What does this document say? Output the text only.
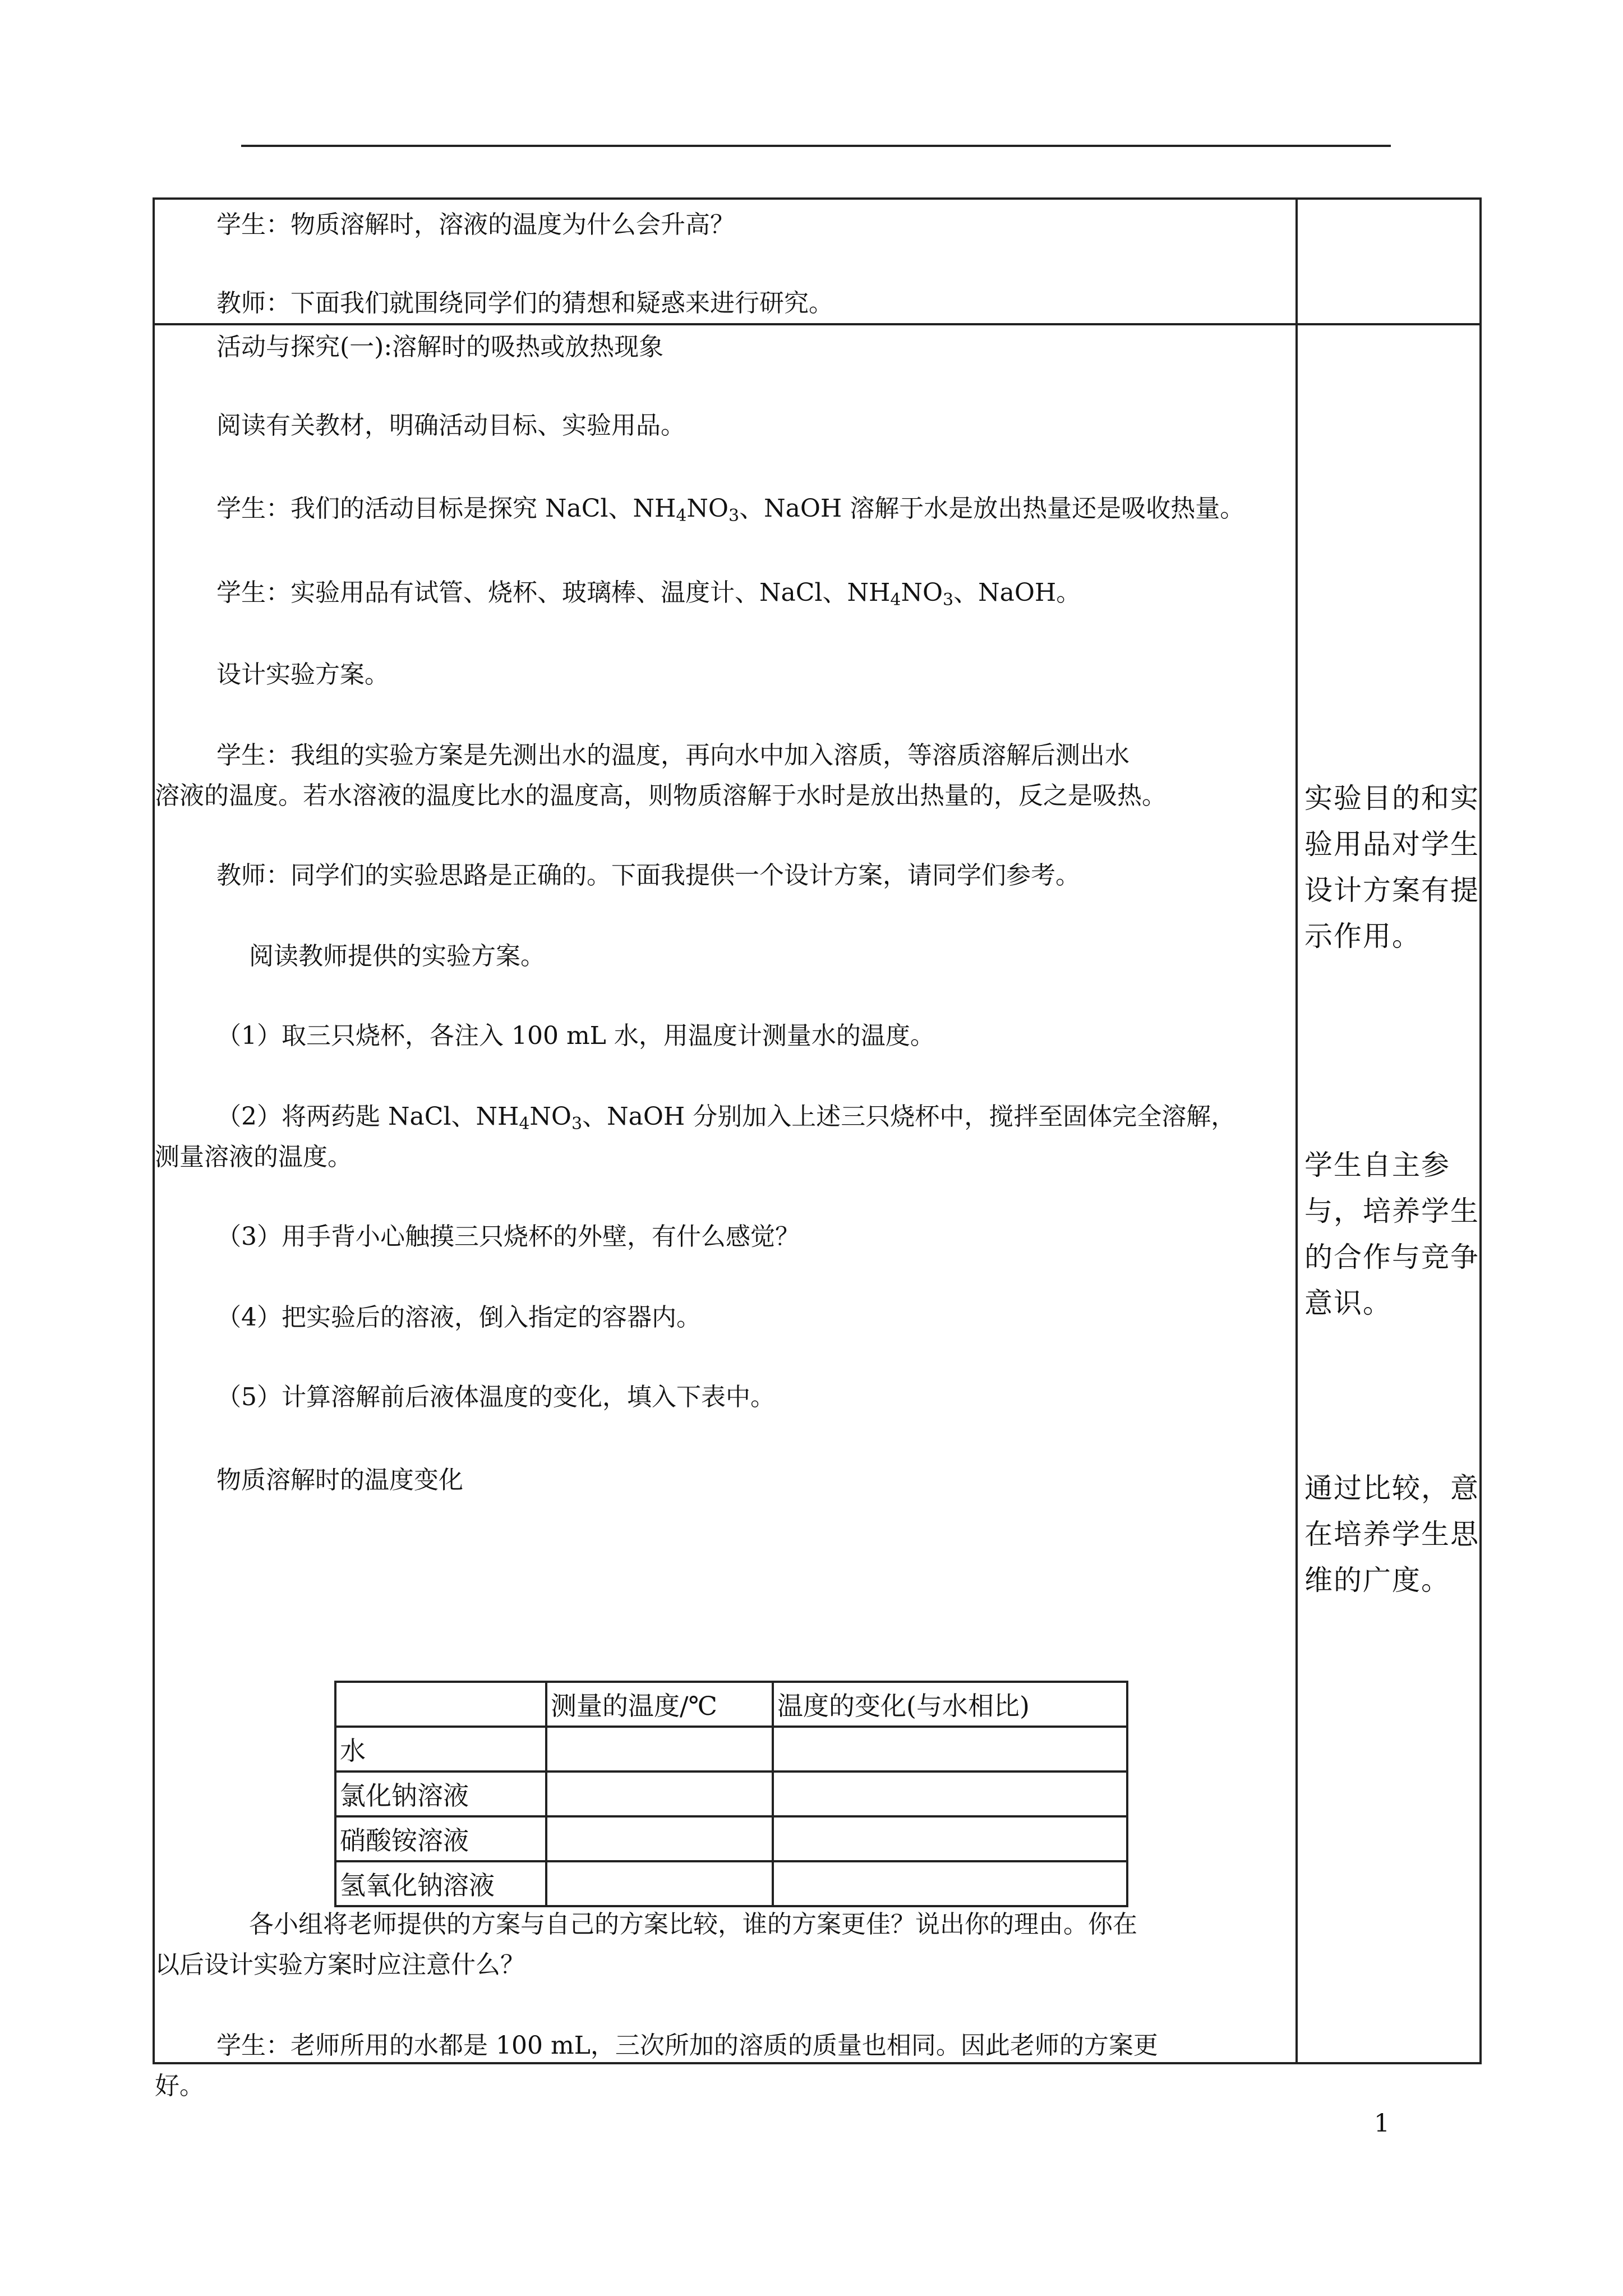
学生：物质溶解时，溶液的温度为什么会升高？
教师：下面我们就围绕同学们的猜想和疑惑来进行研究。

活动与探究(一):溶解时的吸热或放热现象
阅读有关教材，明确活动目标、实验用品。
学生：我们的活动目标是探究 NaCl、$NH_4NO_3$、NaOH 溶解于水是放出热量还是吸收热量。
学生：实验用品有试管、烧杯、玻璃棒、温度计、NaCl、$NH_4NO_3$、NaOH。
设计实验方案。
学生：我组的实验方案是先测出水的温度，再向水中加入溶质，等溶质溶解后测出水
溶液的温度。若水溶液的温度比水的温度高，则物质溶解于水时是放出热量的，反之是吸热。
教师：同学们的实验思路是正确的。下面我提供一个设计方案，请同学们参考。
阅读教师提供的实验方案。
（1）取三只烧杯，各注入 100 mL 水，用温度计测量水的温度。
（2）将两药匙 NaCl、$NH_4NO_3$、NaOH 分别加入上述三只烧杯中，搅拌至固体完全溶解，
测量溶液的温度。
（3）用手背小心触摸三只烧杯的外壁，有什么感觉？
（4）把实验后的溶液，倒入指定的容器内。
（5）计算溶解前后液体温度的变化，填入下表中。
物质溶解时的温度变化
	测量的温度/℃	温度的变化(与水相比)
水		
氯化钠溶液		
硝酸铵溶液		
氢氧化钠溶液		
各小组将老师提供的方案与自己的方案比较，谁的方案更佳？说出你的理由。你在
以后设计实验方案时应注意什么？
学生：老师所用的水都是 100 mL，三次所加的溶质的质量也相同。因此老师的方案更
好。

实验目的和实验用品对学生设计方案有提示作用。
学生自主参与，培养学生的合作与竞争意识。
通过比较，意在培养学生思维的广度。
1
